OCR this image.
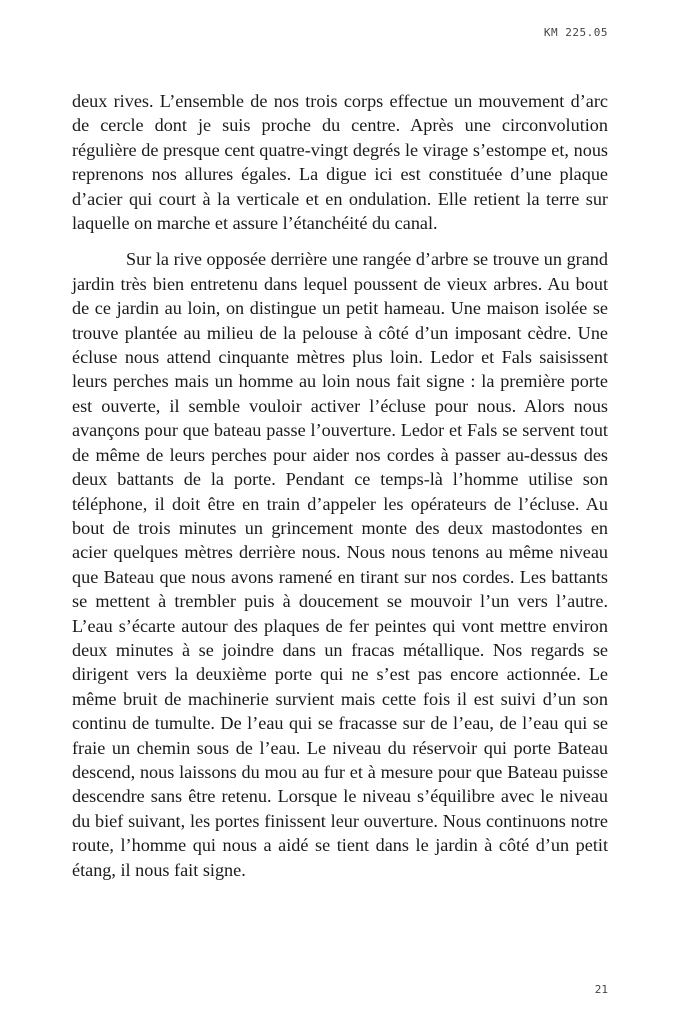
KM 225.05

deux rives. L’ensemble de nos trois corps effectue un mouvement d’arc de cercle dont je suis proche du centre. Après une circonvolution régulière de presque cent quatre-vingt degrés le virage s’estompe et, nous reprenons nos allures égales. La digue ici est constituée d’une plaque d’acier qui court à la verticale et en ondulation. Elle retient la terre sur laquelle on marche et assure l’étanchéité du canal.

Sur la rive opposée derrière une rangée d’arbre se trouve un grand jardin très bien entretenu dans lequel poussent de vieux arbres. Au bout de ce jardin au loin, on distingue un petit hameau. Une maison isolée se trouve plantée au milieu de la pelouse à côté d’un imposant cèdre. Une écluse nous attend cinquante mètres plus loin. Ledor et Fals saisissent leurs perches mais un homme au loin nous fait signe : la première porte est ouverte, il semble vouloir activer l’écluse pour nous. Alors nous avançons pour que bateau passe l’ouverture. Ledor et Fals se servent tout de même de leurs perches pour aider nos cordes à passer au-dessus des deux battants de la porte. Pendant ce temps-là l’homme utilise son téléphone, il doit être en train d’appeler les opérateurs de l’écluse. Au bout de trois minutes un grincement monte des deux mastodontes en acier quelques mètres derrière nous. Nous nous tenons au même niveau que Bateau que nous avons ramené en tirant sur nos cordes. Les battants se mettent à trembler puis à doucement se mouvoir l’un vers l’autre. L’eau s’écarte autour des plaques de fer peintes qui vont mettre environ deux minutes à se joindre dans un fracas métallique. Nos regards se dirigent vers la deuxième porte qui ne s’est pas encore actionnée. Le même bruit de machinerie survient mais cette fois il est suivi d’un son continu de tumulte. De l’eau qui se fracasse sur de l’eau, de l’eau qui se fraie un chemin sous de l’eau. Le niveau du réservoir qui porte Bateau descend, nous laissons du mou au fur et à mesure pour que Bateau puisse descendre sans être retenu. Lorsque le niveau s’équilibre avec le niveau du bief suivant, les portes finissent leur ouverture. Nous continuons notre route, l’homme qui nous a aidé se tient dans le jardin à côté d’un petit étang, il nous fait signe.

21
